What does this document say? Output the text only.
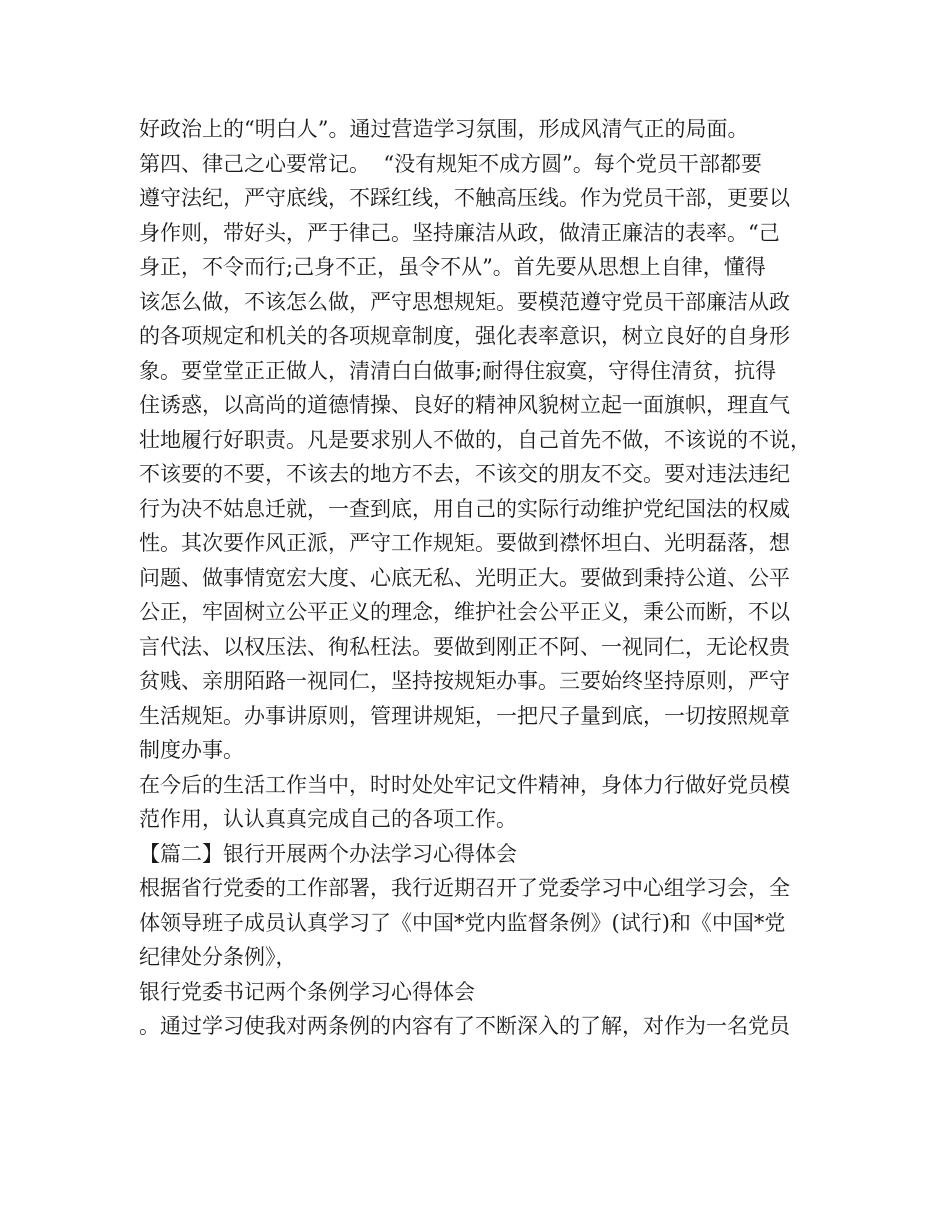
好政治上的“明白人”。通过营造学习氛围，形成风清气正的局面。
第四、律己之心要常记。  “没有规矩不成方圆”。每个党员干部都要
遵守法纪，严守底线，不踩红线，不触高压线。作为党员干部，更要以
身作则，带好头，严于律己。坚持廉洁从政，做清正廉洁的表率。“己
身正，不令而行;己身不正，虽令不从”。首先要从思想上自律，懂得
该怎么做，不该怎么做，严守思想规矩。要模范遵守党员干部廉洁从政
的各项规定和机关的各项规章制度，强化表率意识，树立良好的自身形
象。要堂堂正正做人，清清白白做事;耐得住寂寞，守得住清贫，抗得
住诱惑，以高尚的道德情操、良好的精神风貌树立起一面旗帜，理直气
壮地履行好职责。凡是要求别人不做的，自己首先不做，不该说的不说，
不该要的不要，不该去的地方不去，不该交的朋友不交。要对违法违纪
行为决不姑息迁就，一查到底，用自己的实际行动维护党纪国法的权威
性。其次要作风正派，严守工作规矩。要做到襟怀坦白、光明磊落，想
问题、做事情宽宏大度、心底无私、光明正大。要做到秉持公道、公平
公正，牢固树立公平正义的理念，维护社会公平正义，秉公而断，不以
言代法、以权压法、徇私枉法。要做到刚正不阿、一视同仁，无论权贵
贫贱、亲朋陌路一视同仁，坚持按规矩办事。三要始终坚持原则，严守
生活规矩。办事讲原则，管理讲规矩，一把尺子量到底，一切按照规章
制度办事。
在今后的生活工作当中，时时处处牢记文件精神，身体力行做好党员模
范作用，认认真真完成自己的各项工作。
【篇二】银行开展两个办法学习心得体会
根据省行党委的工作部署，我行近期召开了党委学习中心组学习会，全
体领导班子成员认真学习了《中国*党内监督条例》(试行)和《中国*党
纪律处分条例》，
银行党委书记两个条例学习心得体会
。通过学习使我对两条例的内容有了不断深入的了解，对作为一名党员
